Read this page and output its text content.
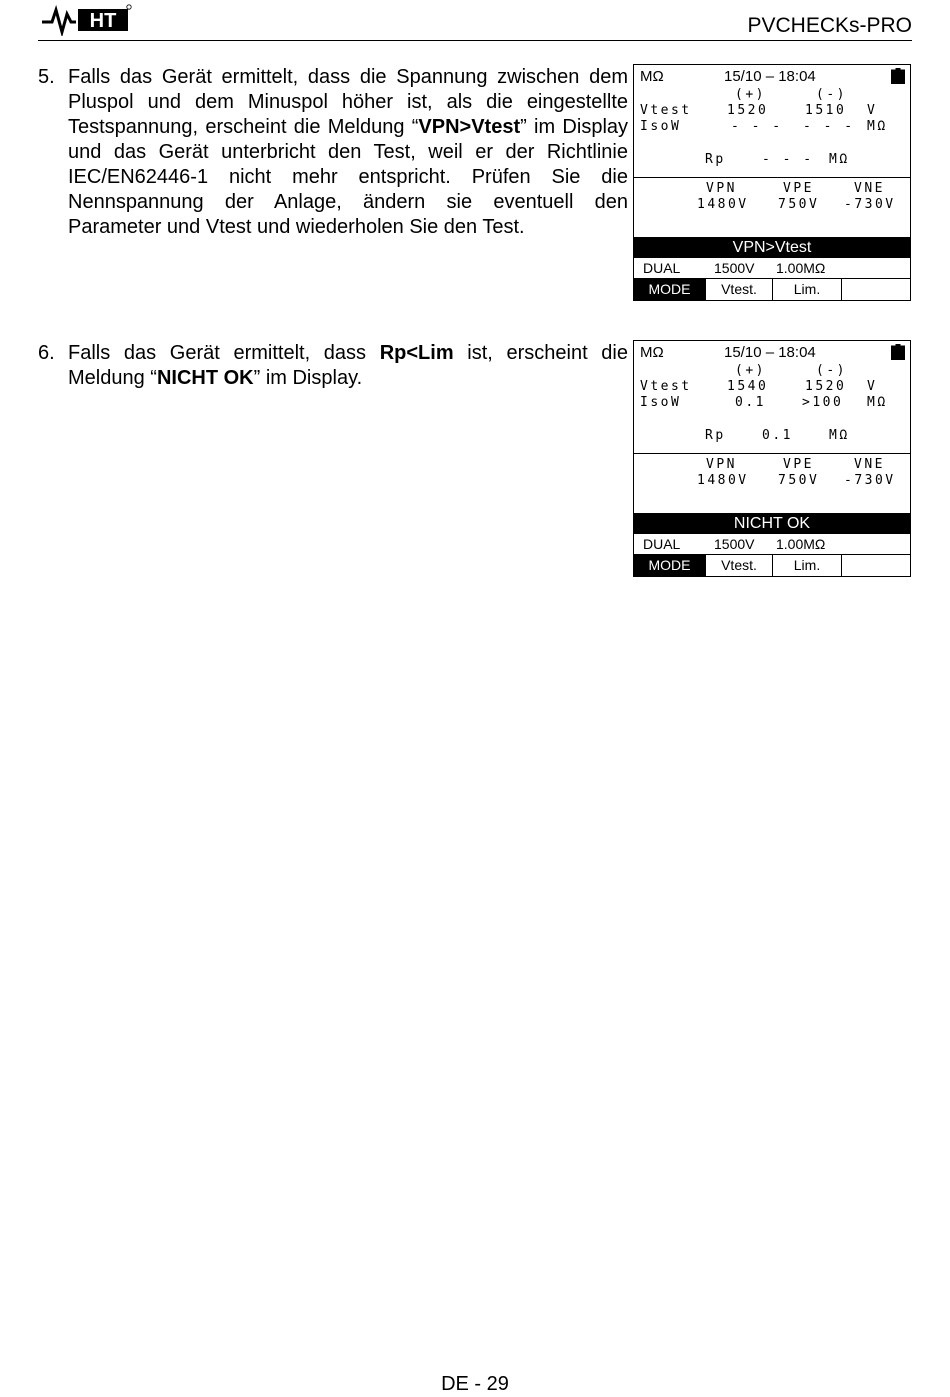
HT	PVCHECKs-PRO
5. Falls das Gerät ermittelt, dass die Spannung zwischen dem Pluspol und dem Minuspol höher ist, als die eingestellte Testspannung, erscheint die Meldung “VPN>Vtest” im Display und das Gerät unterbricht den Test, weil er der Richtlinie IEC/EN62446-1 nicht mehr entspricht. Prüfen Sie die Nennspannung der Anlage, ändern sie eventuell den Parameter und Vtest und wiederholen Sie den Test.
6. Falls das Gerät ermittelt, dass Rp<Lim ist, erscheint die Meldung “NICHT OK” im Display.
MΩ	15/10 – 18:04
(+)	(-)
Vtest	1520	1510 V
IsoW	- - - - - - MΩ
Rp	- - - MΩ
VPN	VPE	VNE
1480V 750V -730V
VPN>Vtest
DUAL 1500V 1.00MΩ
MODE	Vtest.	Lim.
MΩ	15/10 – 18:04
(+)	(-)
Vtest	1540	1520 V
IsoW	0.1	>100 MΩ
Rp	0.1	MΩ
VPN	VPE	VNE
1480V 750V -730V
NICHT OK
DUAL 1500V 1.00MΩ
MODE	Vtest.	Lim.
DE - 29
